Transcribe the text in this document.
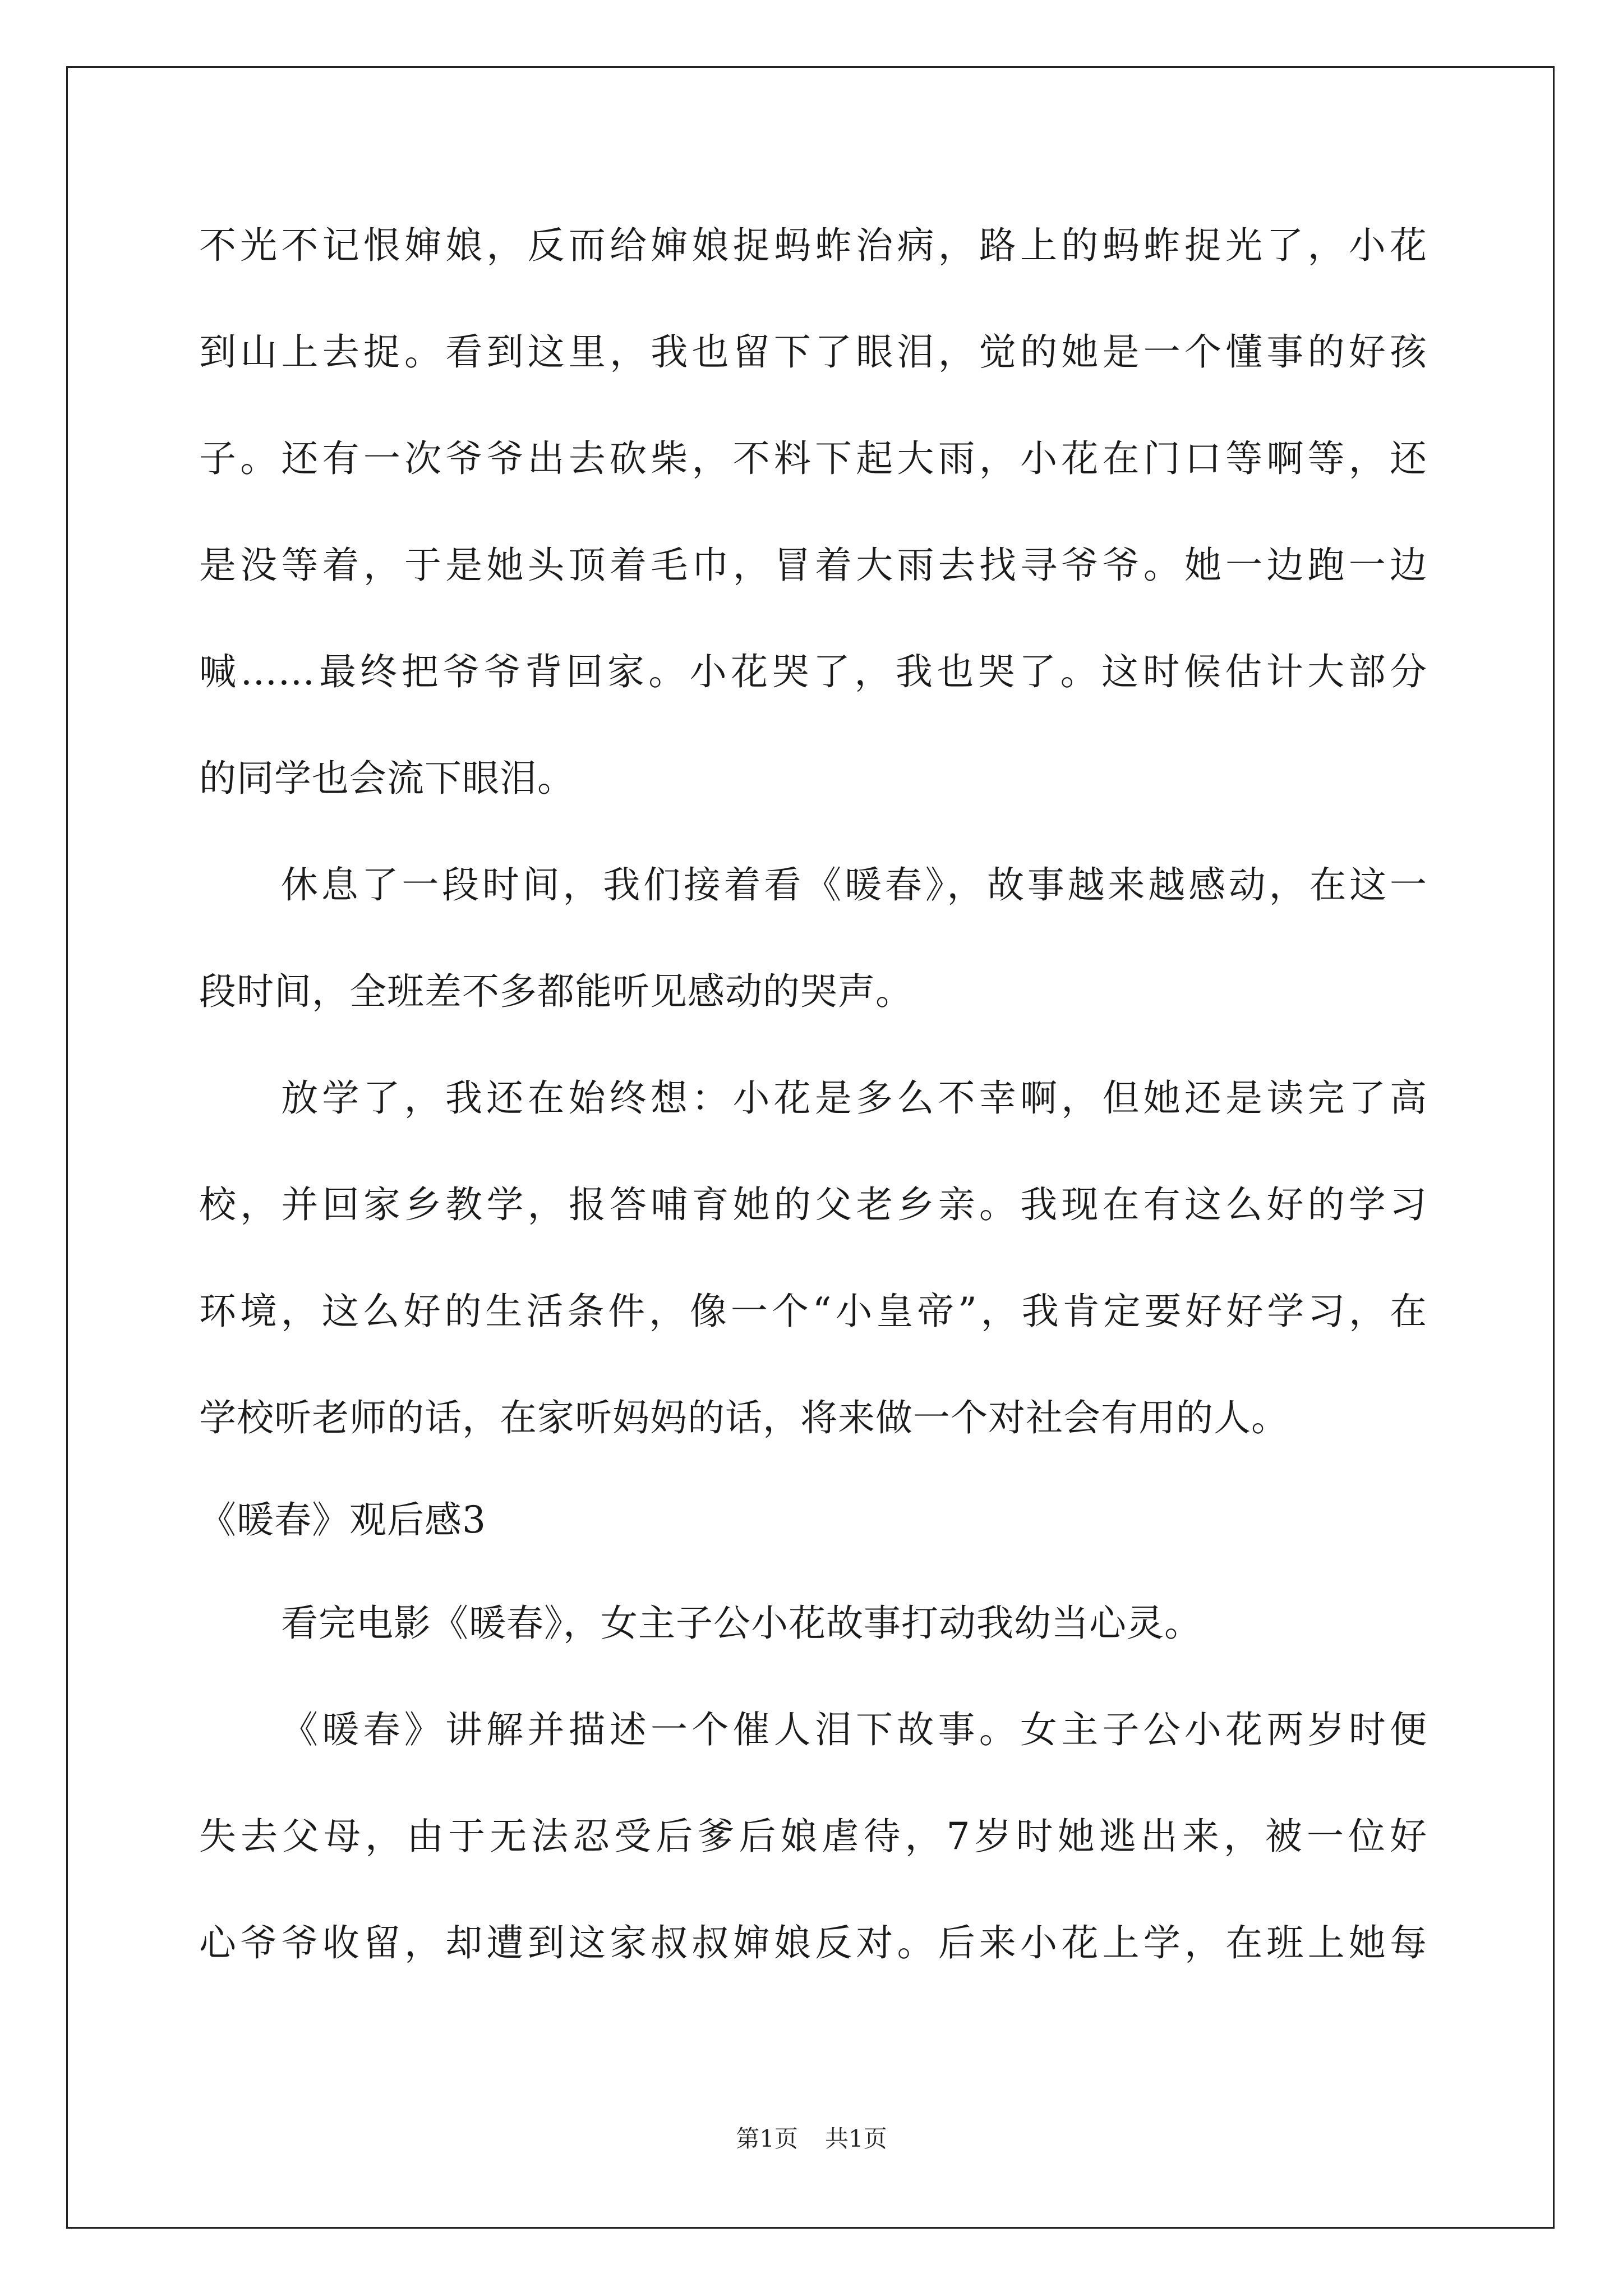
不光不记恨婶娘，反而给婶娘捉蚂蚱治病，路上的蚂蚱捉光了，小花
到山上去捉。看到这里，我也留下了眼泪，觉的她是一个懂事的好孩
子。还有一次爷爷出去砍柴，不料下起大雨，小花在门口等啊等，还
是没等着，于是她头顶着毛巾，冒着大雨去找寻爷爷。她一边跑一边
喊……最终把爷爷背回家。小花哭了，我也哭了。这时候估计大部分
的同学也会流下眼泪。
休息了一段时间，我们接着看《暖春》，故事越来越感动，在这一
段时间，全班差不多都能听见感动的哭声。
放学了，我还在始终想：小花是多么不幸啊，但她还是读完了高
校，并回家乡教学，报答哺育她的父老乡亲。我现在有这么好的学习
环境，这么好的生活条件，像一个“小皇帝”，我肯定要好好学习，在
学校听老师的话，在家听妈妈的话，将来做一个对社会有用的人。
《暖春》观后感3
看完电影《暖春》，女主子公小花故事打动我幼当心灵。
《暖春》讲解并描述一个催人泪下故事。女主子公小花两岁时便
失去父母，由于无法忍受后爹后娘虐待，7岁时她逃出来，被一位好
心爷爷收留，却遭到这家叔叔婶娘反对。后来小花上学，在班上她每
第1页 共1页
